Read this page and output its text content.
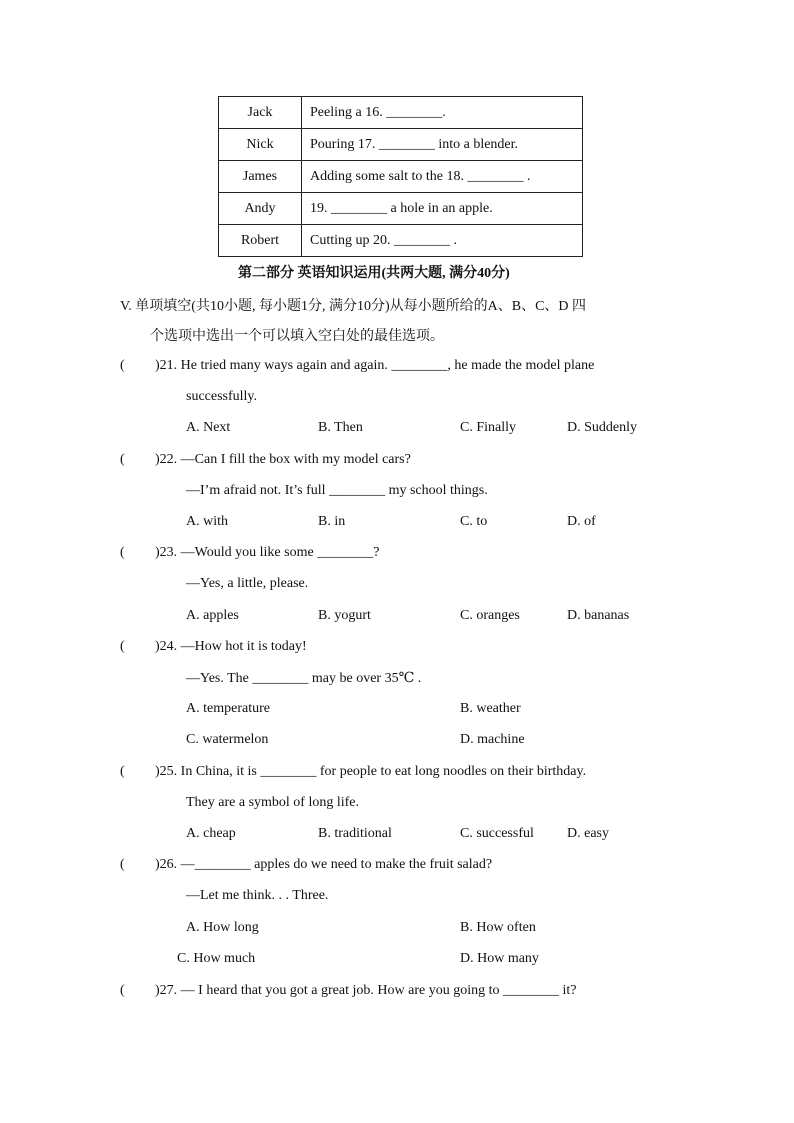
Jack	Peeling a 16. ________.
Nick	Pouring 17. ________ into a blender.
James	Adding some salt to the 18. ________ .
Andy	19. ________ a hole in an apple.
Robert	Cutting up 20. ________ .
第二部分 英语知识运用(共两大题, 满分40分)
V. 单项填空(共10小题, 每小题1分, 满分10分)从每小题所给的A、B、C、D 四
个选项中选出一个可以填入空白处的最佳选项。
( )21. He tried many ways again and again. ________, he made the model plane
successfully.
A. Next	B. Then	C. Finally	D. Suddenly
( )22. —Can I fill the box with my model cars?
—I’m afraid not. It’s full ________ my school things.
A. with	B. in	C. to	D. of
( )23. —Would you like some ________?
—Yes, a little, please.
A. apples	B. yogurt	C. oranges	D. bananas
( )24. —How hot it is today!
—Yes. The ________ may be over 35℃ .
A. temperature	B. weather
C. watermelon	D. machine
( )25. In China, it is ________ for people to eat long noodles on their birthday.
They are a symbol of long life.
A. cheap	B. traditional	C. successful D. easy
( )26. —________ apples do we need to make the fruit salad?
—Let me think. . . Three.
A. How long	B. How often
C. How much	D. How many
( )27. — I heard that you got a great job. How are you going to ________ it?
